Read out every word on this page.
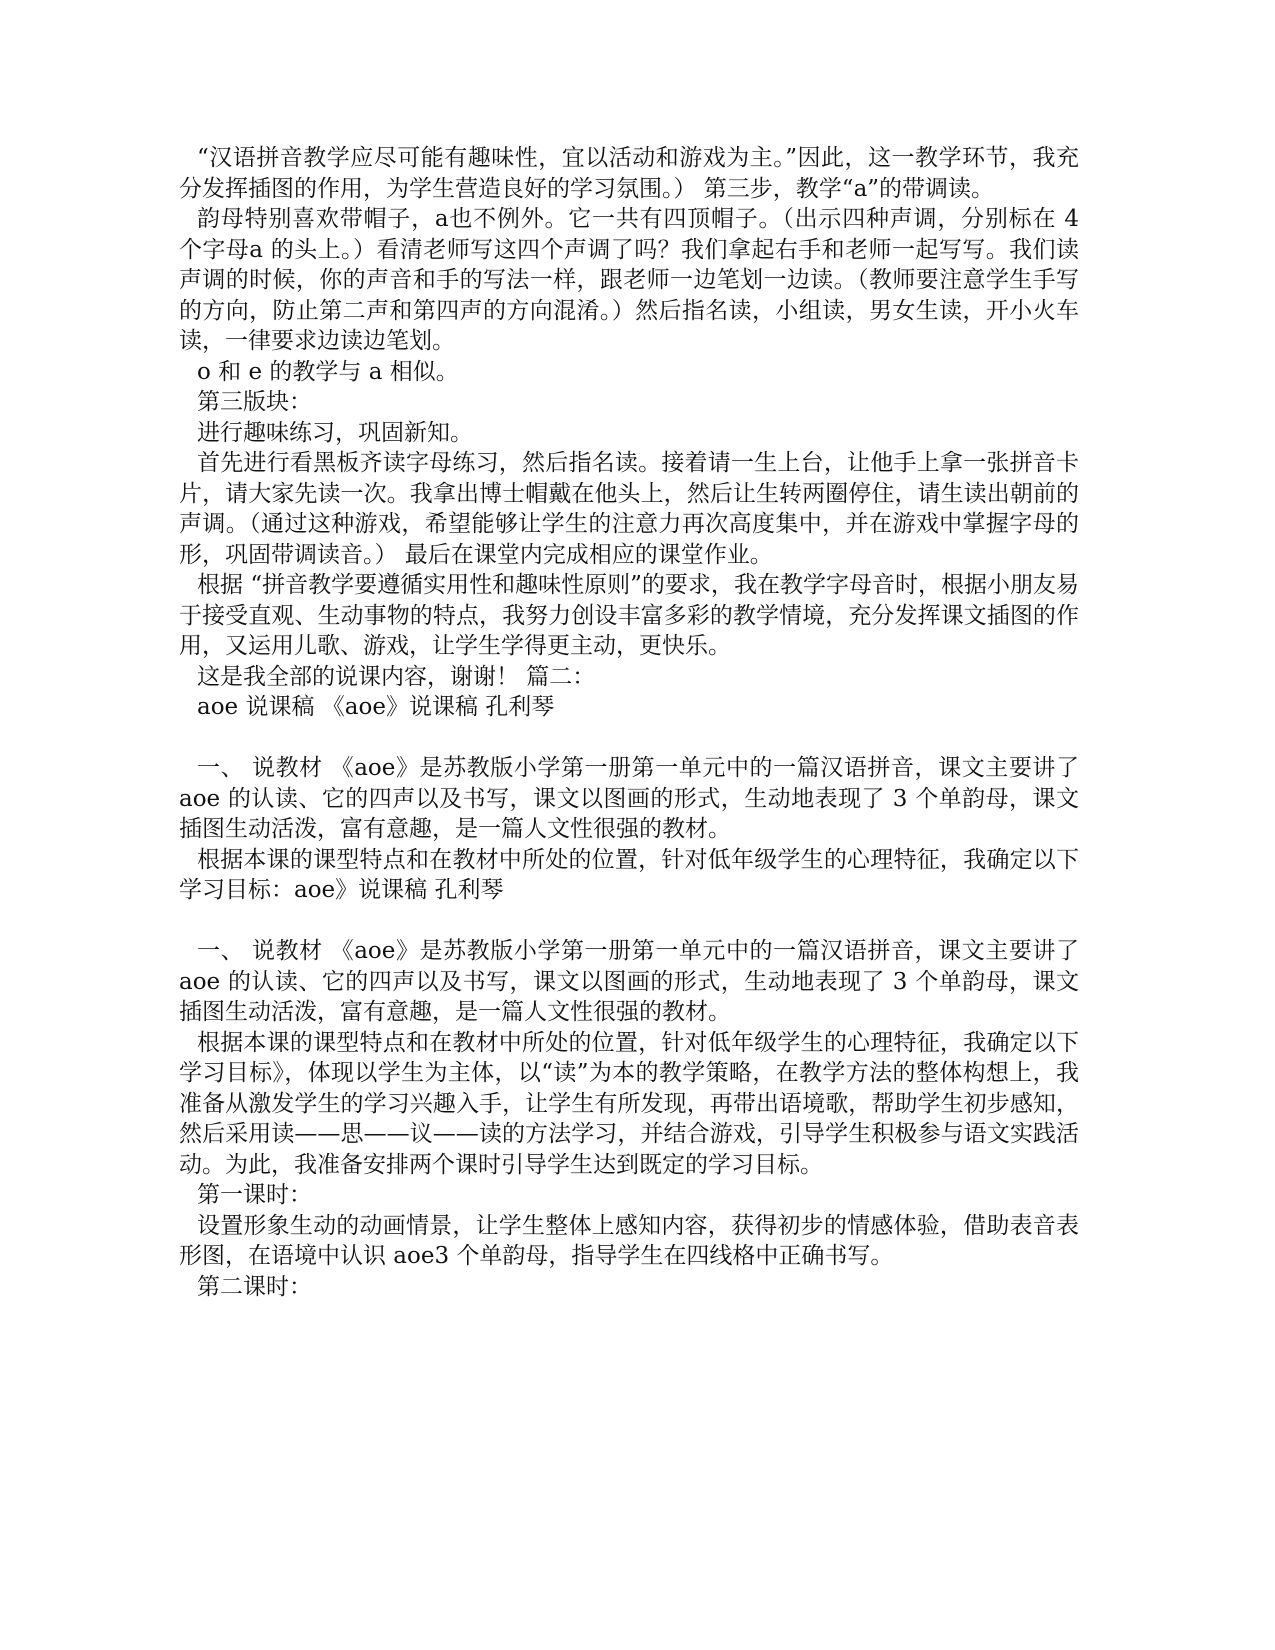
“汉语拼音教学应尽可能有趣味性，宜以活动和游戏为主。”因此，这一教学环节，我充分发挥插图的作用，为学生营造良好的学习氛围。） 第三步，教学“a”的带调读。

韵母特别喜欢带帽子，a也不例外。它一共有四顶帽子。（出示四种声调，分别标在 4 个字母a 的头上。）看清老师写这四个声调了吗？我们拿起右手和老师一起写写。我们读声调的时候，你的声音和手的写法一样，跟老师一边笔划一边读。（教师要注意学生手写的方向，防止第二声和第四声的方向混淆。）然后指名读，小组读，男女生读，开小火车读，一律要求边读边笔划。

o 和 e 的教学与 a 相似。

第三版块：

进行趣味练习，巩固新知。

首先进行看黑板齐读字母练习，然后指名读。接着请一生上台，让他手上拿一张拼音卡片，请大家先读一次。我拿出博士帽戴在他头上，然后让生转两圈停住，请生读出朝前的声调。（通过这种游戏，希望能够让学生的注意力再次高度集中，并在游戏中掌握字母的形，巩固带调读音。） 最后在课堂内完成相应的课堂作业。

根据 “拼音教学要遵循实用性和趣味性原则”的要求，我在教学字母音时，根据小朋友易于接受直观、生动事物的特点，我努力创设丰富多彩的教学情境，充分发挥课文插图的作用，又运用儿歌、游戏，让学生学得更主动，更快乐。

这是我全部的说课内容，谢谢！ 篇二：

aoe 说课稿 《aoe》说课稿 孔利琴

一、 说教材 《aoe》是苏教版小学第一册第一单元中的一篇汉语拼音，课文主要讲了 aoe 的认读、它的四声以及书写，课文以图画的形式，生动地表现了 3 个单韵母，课文插图生动活泼，富有意趣，是一篇人文性很强的教材。

根据本课的课型特点和在教材中所处的位置，针对低年级学生的心理特征，我确定以下学习目标：aoe》说课稿 孔利琴

一、 说教材 《aoe》是苏教版小学第一册第一单元中的一篇汉语拼音，课文主要讲了aoe 的认读、它的四声以及书写，课文以图画的形式，生动地表现了 3 个单韵母，课文插图生动活泼，富有意趣，是一篇人文性很强的教材。

根据本课的课型特点和在教材中所处的位置，针对低年级学生的心理特征，我确定以下学习目标》，体现以学生为主体，以“读”为本的教学策略，在教学方法的整体构想上，我准备从激发学生的学习兴趣入手，让学生有所发现，再带出语境歌，帮助学生初步感知，然后采用读——思——议——读的方法学习，并结合游戏，引导学生积极参与语文实践活动。为此，我准备安排两个课时引导学生达到既定的学习目标。

第一课时：

设置形象生动的动画情景，让学生整体上感知内容，获得初步的情感体验，借助表音表形图，在语境中认识 aoe3 个单韵母，指导学生在四线格中正确书写。

第二课时：
